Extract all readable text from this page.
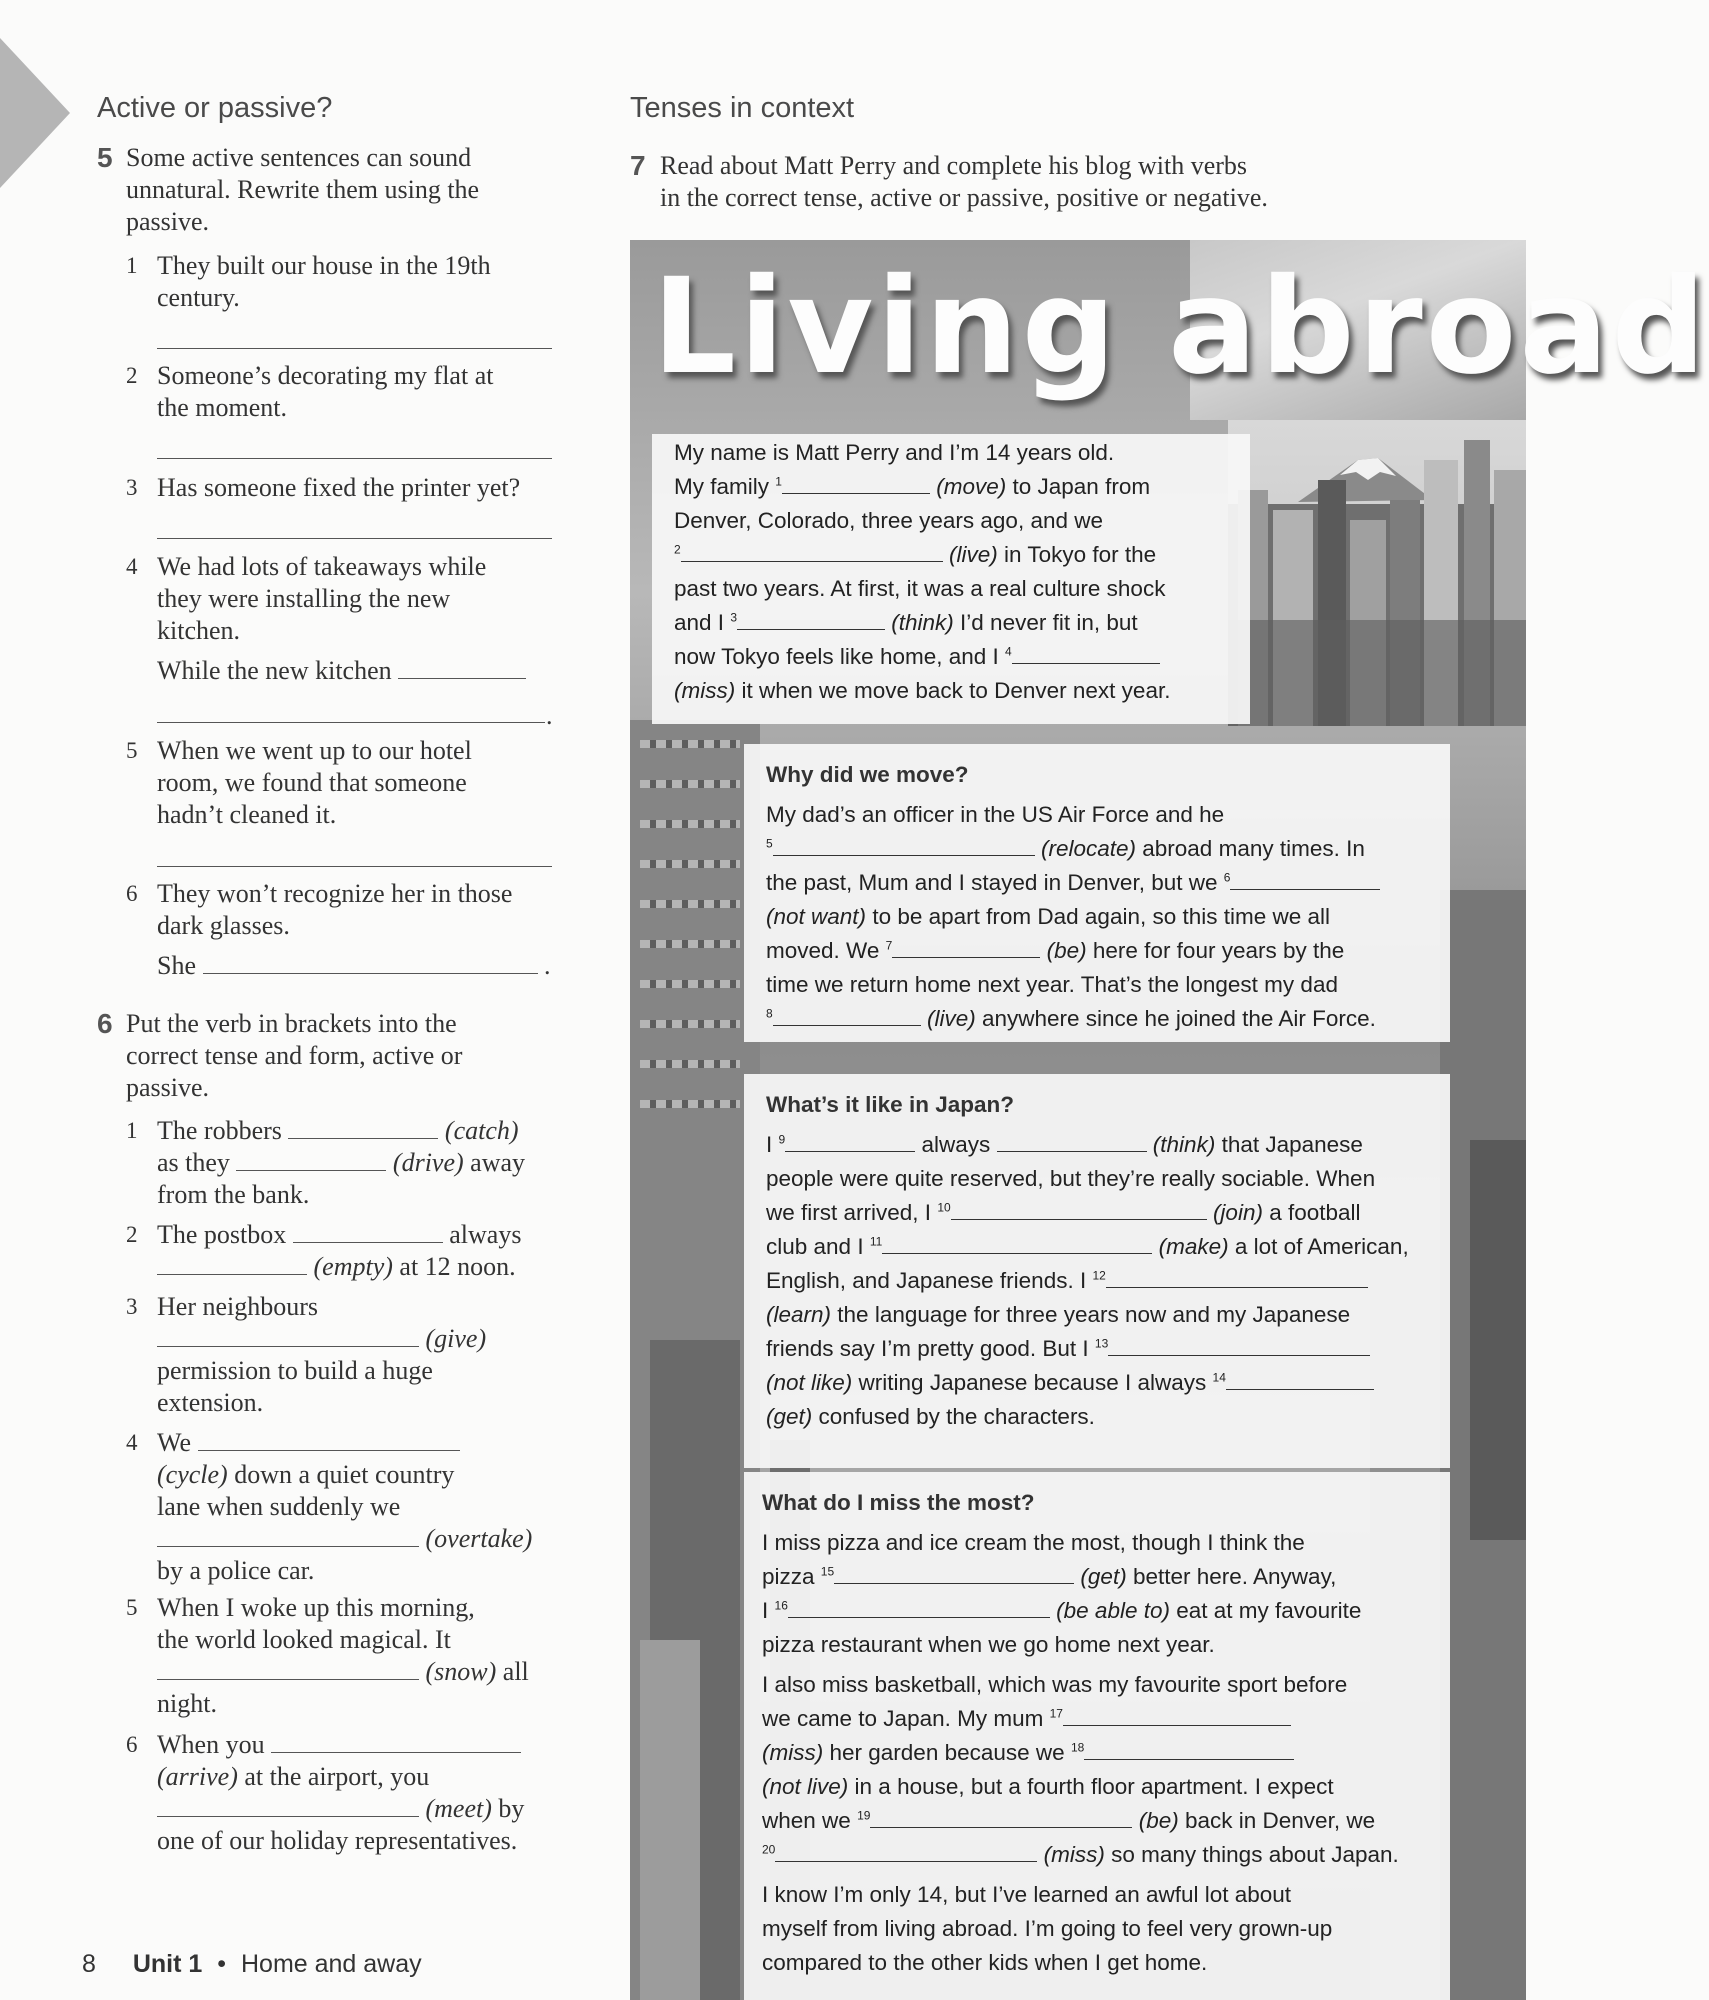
Active or passive?
5 Some active sentences can sound
unnatural. Rewrite them using the
passive.
1 They built our house in the 19th
century.
2 Someone’s decorating my flat at
the moment.
3 Has someone fixed the printer yet?
4 We had lots of takeaways while
they were installing the new
kitchen.
While the new kitchen
.
5 When we went up to our hotel
room, we found that someone
hadn’t cleaned it.
6 They won’t recognize her in those
dark glasses.
She	.
6 Put the verb in brackets into the
correct tense and form, active or
passive.
1 The robbers	(catch)
as they	(drive) away
from the bank.
2 The postbox	always
(empty) at 12 noon.
3 Her neighbours
(give)
permission to build a huge
extension.
4 We
(cycle) down a quiet country
lane when suddenly we
(overtake)
by a police car.
5 When I woke up this morning,
the world looked magical. It
(snow) all
night.
6 When you
(arrive) at the airport, you
(meet) by
one of our holiday representatives.
8 Unit 1 • Home and away
Tenses in context
7 Read about Matt Perry and complete his blog with verbs
in the correct tense, active or passive, positive or negative.
Living abroad

My name is Matt Perry and I’m 14 years old.

My family $^1$	(move) to Japan from

Denver, Colorado, three years ago, and we

$^2$	(live) in Tokyo for the

past two years. At first, it was a real culture shock

and I $^3$	(think) I’d never fit in, but

now Tokyo feels like home, and I $^4$

(miss) it when we move back to Denver next year.

Why did we move?

My dad’s an officer in the US Air Force and he

$^5$	(relocate) abroad many times. In

the past, Mum and I stayed in Denver, but we $^6$

(not want) to be apart from Dad again, so this time we all

moved. We $^7$	(be) here for four years by the

time we return home next year. That’s the longest my dad

$^8$	(live) anywhere since he joined the Air Force.

What’s it like in Japan?

I $^9$	always	(think) that Japanese

people were quite reserved, but they’re really sociable. When

we first arrived, I $^{10}$	(join) a football

club and I $^{11}$	(make) a lot of American,

English, and Japanese friends. I $^{12}$

(learn) the language for three years now and my Japanese

friends say I’m pretty good. But I $^{13}$

(not like) writing Japanese because I always $^{14}$

(get) confused by the characters.

What do I miss the most?

I miss pizza and ice cream the most, though I think the

pizza $^{15}$	(get) better here. Anyway,

I $^{16}$	(be able to) eat at my favourite

pizza restaurant when we go home next year.

I also miss basketball, which was my favourite sport before

we came to Japan. My mum $^{17}$

(miss) her garden because we $^{18}$

(not live) in a house, but a fourth floor apartment. I expect

when we $^{19}$	(be) back in Denver, we

$^{20}$	(miss) so many things about Japan.

I know I’m only 14, but I’ve learned an awful lot about

myself from living abroad. I’m going to feel very grown-up

compared to the other kids when I get home.
